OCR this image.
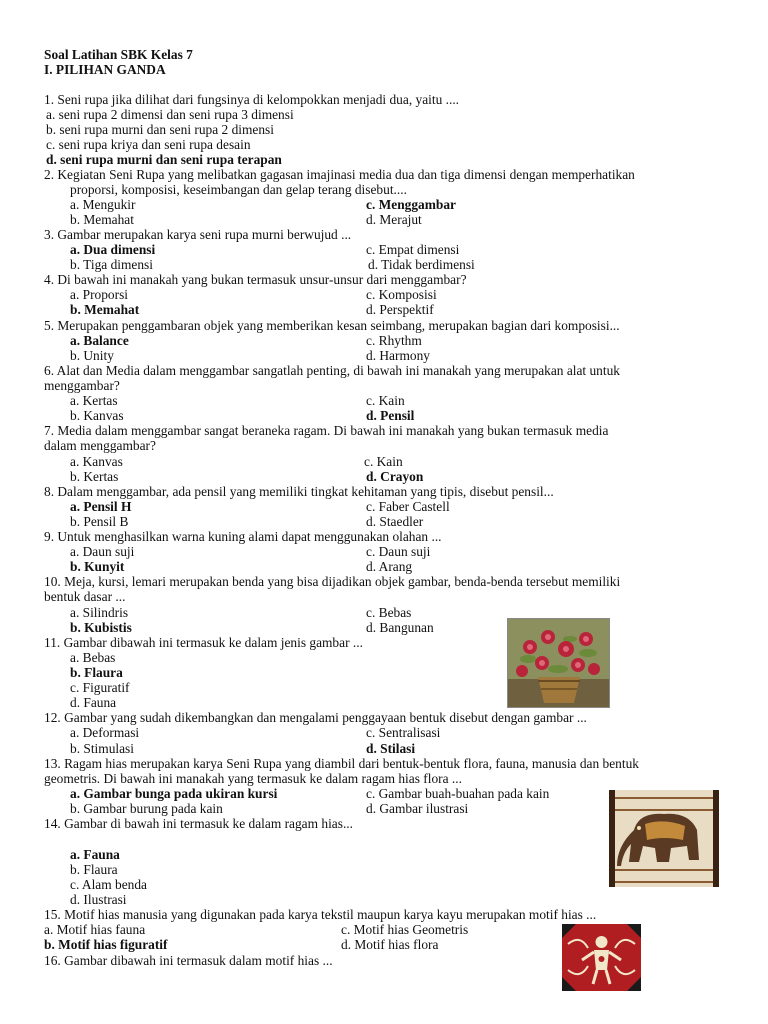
Soal Latihan SBK Kelas 7
I. PILIHAN GANDA
1. Seni rupa jika dilihat dari fungsinya di kelompokkan menjadi dua, yaitu ....
a. seni rupa 2 dimensi dan seni rupa 3 dimensi
b. seni rupa murni dan seni rupa 2 dimensi
c. seni rupa kriya dan seni rupa desain
d. seni rupa murni dan seni rupa terapan
2. Kegiatan Seni Rupa yang melibatkan gagasan imajinasi media dua dan tiga dimensi dengan memperhatikan
proporsi, komposisi, keseimbangan dan gelap terang disebut....
a. Mengukir	c. Menggambar
b. Memahat	d. Merajut
3. Gambar merupakan karya seni rupa murni berwujud ...
a. Dua dimensi	c. Empat dimensi
b. Tiga dimensi	d. Tidak berdimensi
4. Di bawah ini manakah yang bukan termasuk unsur-unsur dari menggambar?
a. Proporsi	c. Komposisi
b. Memahat	d. Perspektif
5. Merupakan penggambaran objek yang memberikan kesan seimbang, merupakan bagian dari komposisi...
a. Balance	c. Rhythm
b. Unity	d. Harmony
6. Alat dan Media dalam menggambar sangatlah penting, di bawah ini manakah yang merupakan alat untuk
menggambar?
a. Kertas	c. Kain
b. Kanvas	d. Pensil
7. Media dalam menggambar sangat beraneka ragam. Di bawah ini manakah yang bukan termasuk media
dalam menggambar?
a. Kanvas	c. Kain
b. Kertas	d. Crayon
8. Dalam menggambar, ada pensil yang memiliki tingkat kehitaman yang tipis, disebut pensil...
a. Pensil H	c. Faber Castell
b. Pensil B	d. Staedler
9. Untuk menghasilkan warna kuning alami dapat menggunakan olahan ...
a. Daun suji	c. Daun suji
b. Kunyit	d. Arang
10. Meja, kursi, lemari merupakan benda yang bisa dijadikan objek gambar, benda-benda tersebut memiliki
bentuk dasar ...
a. Silindris	c. Bebas
b. Kubistis	d. Bangunan
11. Gambar dibawah ini termasuk ke dalam jenis gambar ...
a. Bebas
b. Flaura
c. Figuratif
d. Fauna
12. Gambar yang sudah dikembangkan dan mengalami penggayaan bentuk disebut dengan gambar ...
a. Deformasi	c. Sentralisasi
b. Stimulasi	d. Stilasi
13. Ragam hias merupakan karya Seni Rupa yang diambil dari bentuk-bentuk flora, fauna, manusia dan bentuk
geometris. Di bawah ini manakah yang termasuk ke dalam ragam hias flora ...
a. Gambar bunga pada ukiran kursi	c. Gambar buah-buahan pada kain
b. Gambar burung pada kain	d. Gambar ilustrasi
14. Gambar di bawah ini termasuk ke dalam ragam hias...
a. Fauna
b. Flaura
c. Alam benda
d. Ilustrasi
15. Motif hias manusia yang digunakan pada karya tekstil maupun karya kayu merupakan motif hias ...
a. Motif hias fauna	c. Motif hias Geometris
b. Motif hias figuratif	d. Motif hias flora
16. Gambar dibawah ini termasuk dalam motif hias ...
